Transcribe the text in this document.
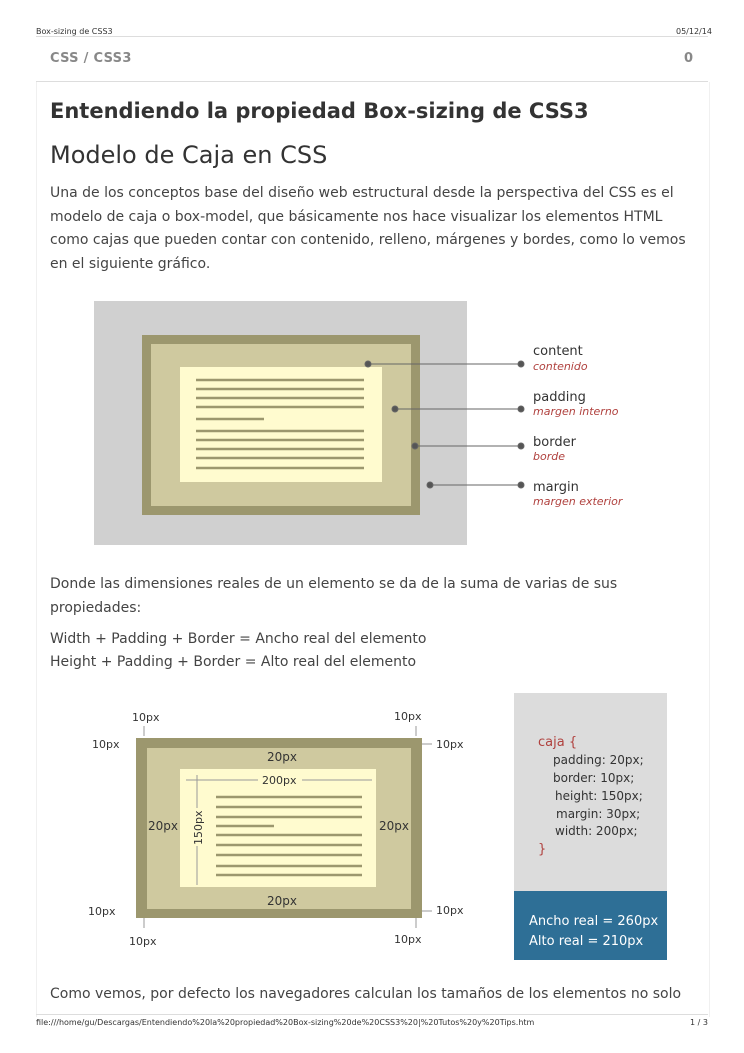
Box-sizing de CSS3	05/12/14
CSS / CSS3	0
Entendiendo la propiedad Box-sizing de CSS3
Modelo de Caja en CSS

Una de los conceptos base del diseño web estructural desde la perspectiva del CSS es el modelo de caja o box-model, que básicamente nos hace visualizar los elementos HTML como cajas que pueden contar con contenido, relleno, márgenes y bordes, como lo vemos en el siguiente gráfico.

content
contenido
padding
margen interno
border
borde
margin
margen exterior

Donde las dimensiones reales de un elemento se da de la suma de varias de sus propiedades:

Width + Padding + Border = Ancho real del elemento
Height + Padding + Border = Alto real del elemento
10px	10px
10px	10px
10px	10px
10px	10px
20px
20px
20px	20px
200px
150px
caja {
padding: 20px;
border: 10px;
height: 150px;
margin: 30px;
width: 200px;
}
Ancho real = 260px
Alto real = 210px
Como vemos, por defecto los navegadores calculan los tamaños de los elementos no solo
file:///home/gu/Descargas/Entendiendo%20la%20propiedad%20Box-sizing%20de%20CSS3%20|%20Tutos%20y%20Tips.htm	1 / 3
